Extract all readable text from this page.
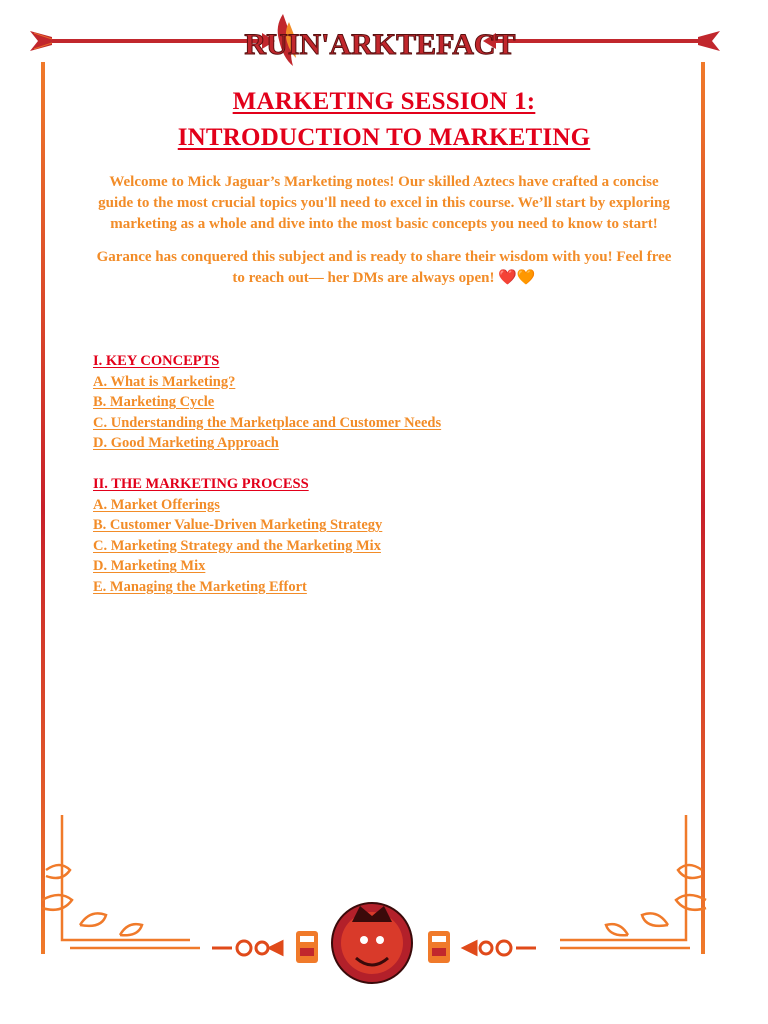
RUIN'ARKTEFACT
MARKETING SESSION 1:
INTRODUCTION TO MARKETING
Welcome to Mick Jaguar’s Marketing notes! Our skilled Aztecs have crafted a concise guide to the most crucial topics you'll need to excel in this course. We’ll start by exploring marketing as a whole and dive into the most basic concepts you need to know to start!
Garance has conquered this subject and is ready to share their wisdom with you! Feel free to reach out— her DMs are always open! ❤️🧡
I. KEY CONCEPTS
A. What is Marketing?
B. Marketing Cycle
C. Understanding the Marketplace and Customer Needs
D. Good Marketing Approach
II. THE MARKETING PROCESS
A. Market Offerings
B. Customer Value-Driven Marketing Strategy
C. Marketing Strategy and the Marketing Mix
D. Marketing Mix
E. Managing the Marketing Effort
